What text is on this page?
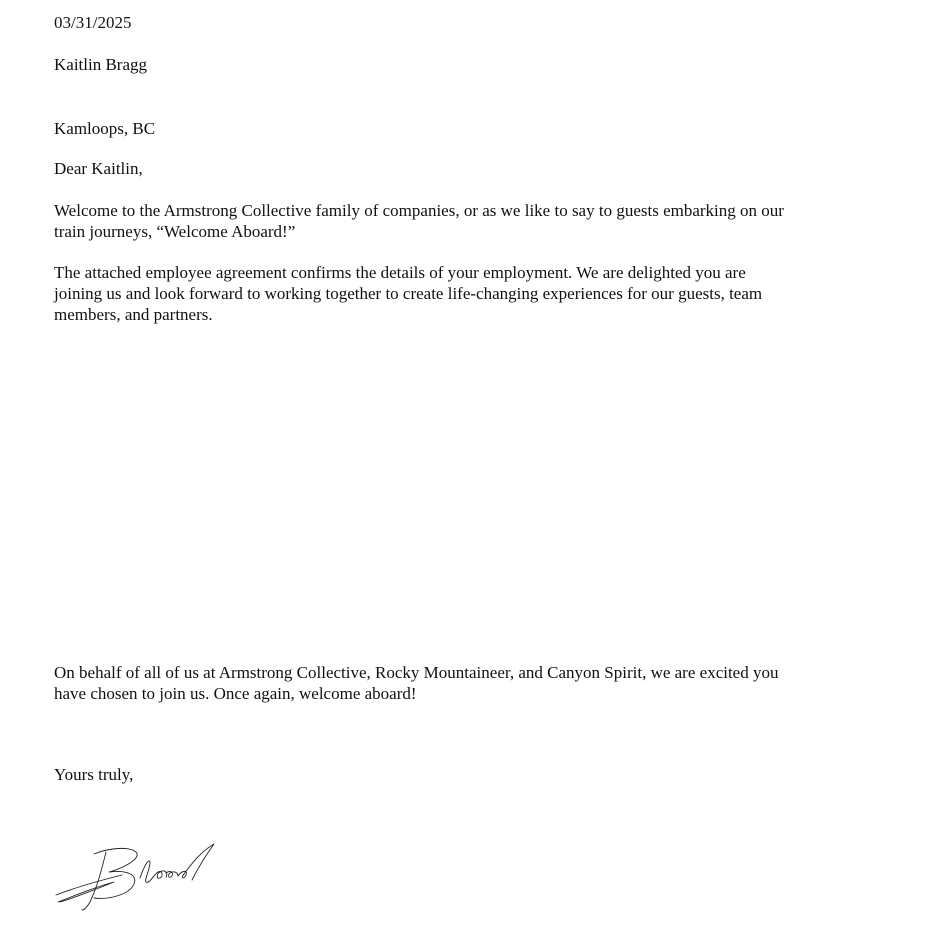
03/31/2025

Kaitlin Bragg

Kamloops, BC

Dear Kaitlin,

Welcome to the Armstrong Collective family of companies, or as we like to say to guests embarking on our
train journeys, “Welcome Aboard!”
The attached employee agreement confirms the details of your employment. We are delighted you are
joining us and look forward to working together to create life-changing experiences for our guests, team
members, and partners.
On behalf of all of us at Armstrong Collective, Rocky Mountaineer, and Canyon Spirit, we are excited you
have chosen to join us. Once again, welcome aboard!

Yours truly,
